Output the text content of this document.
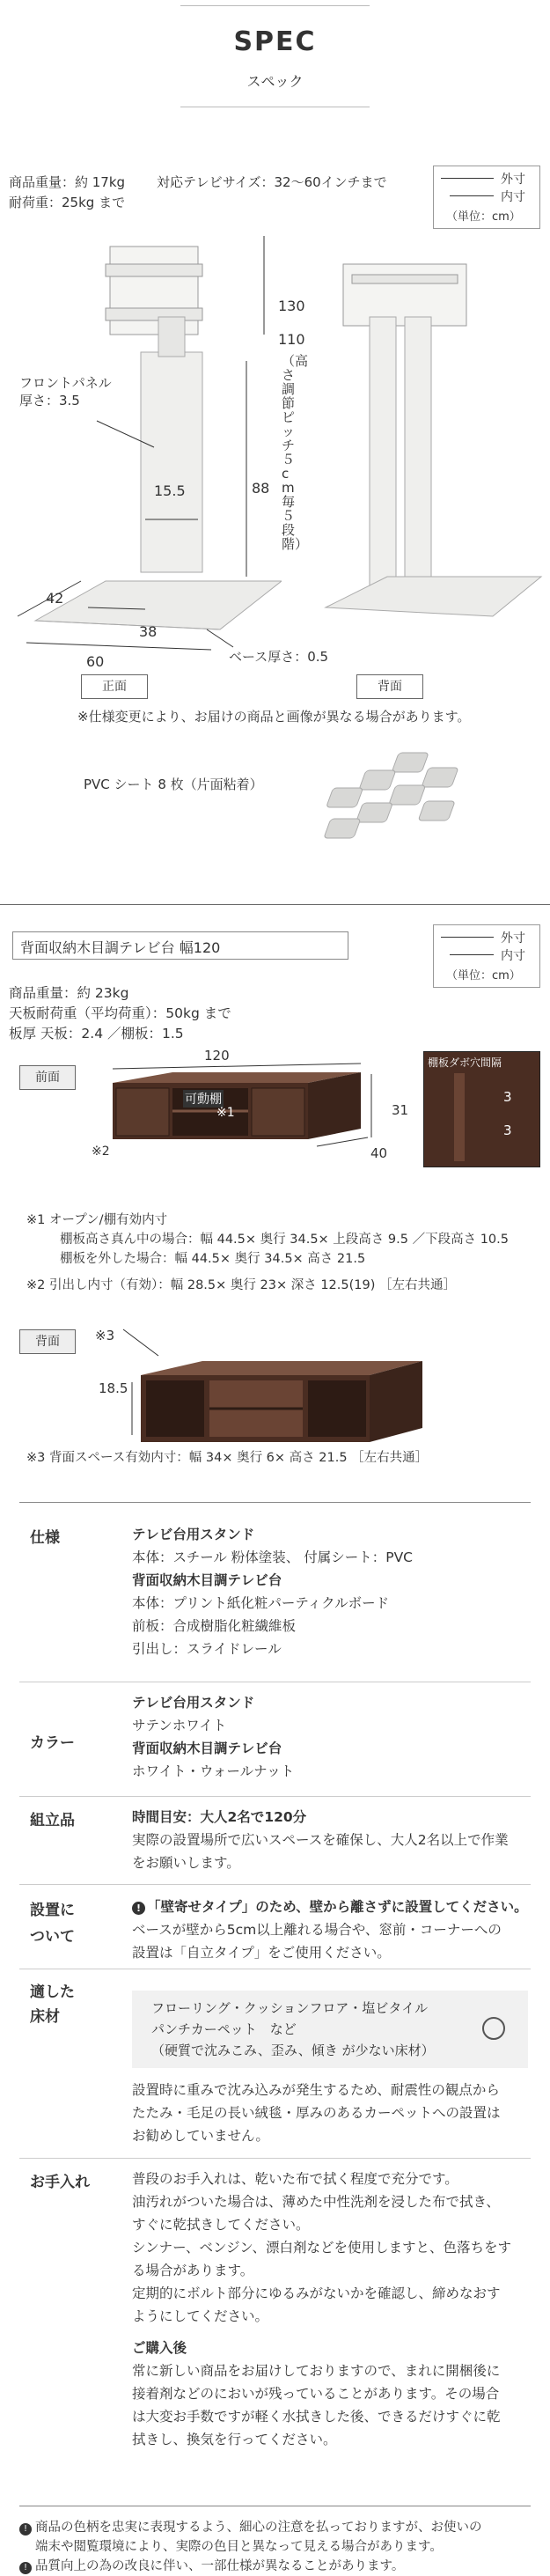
SPEC
スペック
商品重量：約 17kg
耐荷重：25kg まで
対応テレビサイズ：32～60インチまで	外寸
内寸
（単位：cm）
フロントパネル
厚さ：3.5
130
110
（高さ調節ピッチ５cm毎５段階）
88
15.5
42
38
60	ベース厚さ：0.5
正面	背面
※仕様変更により、お届けの商品と画像が異なる場合があります。
PVC シート 8 枚（片面粘着）
背面収納木目調テレビ台 幅120
外寸
内寸
（単位：cm）
商品重量：約 23kg
天板耐荷重（平均荷重）：50kg まで
板厚 天板：2.4 ／棚板：1.5
前面
120
可動棚
※1	31
40
※2
棚板ダボ穴間隔
3
3
※1 オープン/棚有効内寸
棚板高さ真ん中の場合：幅 44.5× 奥行 34.5× 上段高さ 9.5 ／下段高さ 10.5
棚板を外した場合：幅 44.5× 奥行 34.5× 高さ 21.5
※2 引出し内寸（有効）：幅 28.5× 奥行 23× 深さ 12.5(19) ［左右共通］
背面	※3
18.5
※3 背面スペース有効内寸：幅 34× 奥行 6× 高さ 21.5 ［左右共通］
仕様	テレビ台用スタンド
本体：スチール 粉体塗装、 付属シート：PVC
背面収納木目調テレビ台
本体：プリント紙化粧パーティクルボード
前板：合成樹脂化粧繊維板
引出し：スライドレール
カラー
テレビ台用スタンド
サテンホワイト
背面収納木目調テレビ台
ホワイト・ウォールナット
組立品	時間目安：大人2名で120分
実際の設置場所で広いスペースを確保し、大人2名以上で作業
をお願いします。
設置に
ついて
! 「壁寄せタイプ」のため、壁から離さずに設置してください。
ベースが壁から5cm以上離れる場合や、窓前・コーナーへの
設置は「自立タイプ」をご使用ください。
適した
床材	フローリング・クッションフロア・塩ビタイル
パンチカーペット　など
（硬質で沈みこみ、歪み、傾き が少ない床材）
設置時に重みで沈み込みが発生するため、耐震性の観点から
たたみ・毛足の長い絨毯・厚みのあるカーペットへの設置は
お勧めしていません。
お手入れ	普段のお手入れは、乾いた布で拭く程度で充分です。
油汚れがついた場合は、薄めた中性洗剤を浸した布で拭き、
すぐに乾拭きしてください。
シンナー、ベンジン、漂白剤などを使用しますと、色落ちをす
る場合があります。
定期的にボルト部分にゆるみがないかを確認し、締めなおす
ようにしてください。
ご購入後
常に新しい商品をお届けしておりますので、まれに開梱後に
接着剤などのにおいが残っていることがあります。その場合
は大変お手数ですが軽く水拭きした後、できるだけすぐに乾
拭きし、換気を行ってください。
! 商品の色柄を忠実に表現するよう、細心の注意を払っておりますが、お使いの
端末や閲覧環境により、実際の色目と異なって見える場合があります。
! 品質向上の為の改良に伴い、一部仕様が異なることがあります。
